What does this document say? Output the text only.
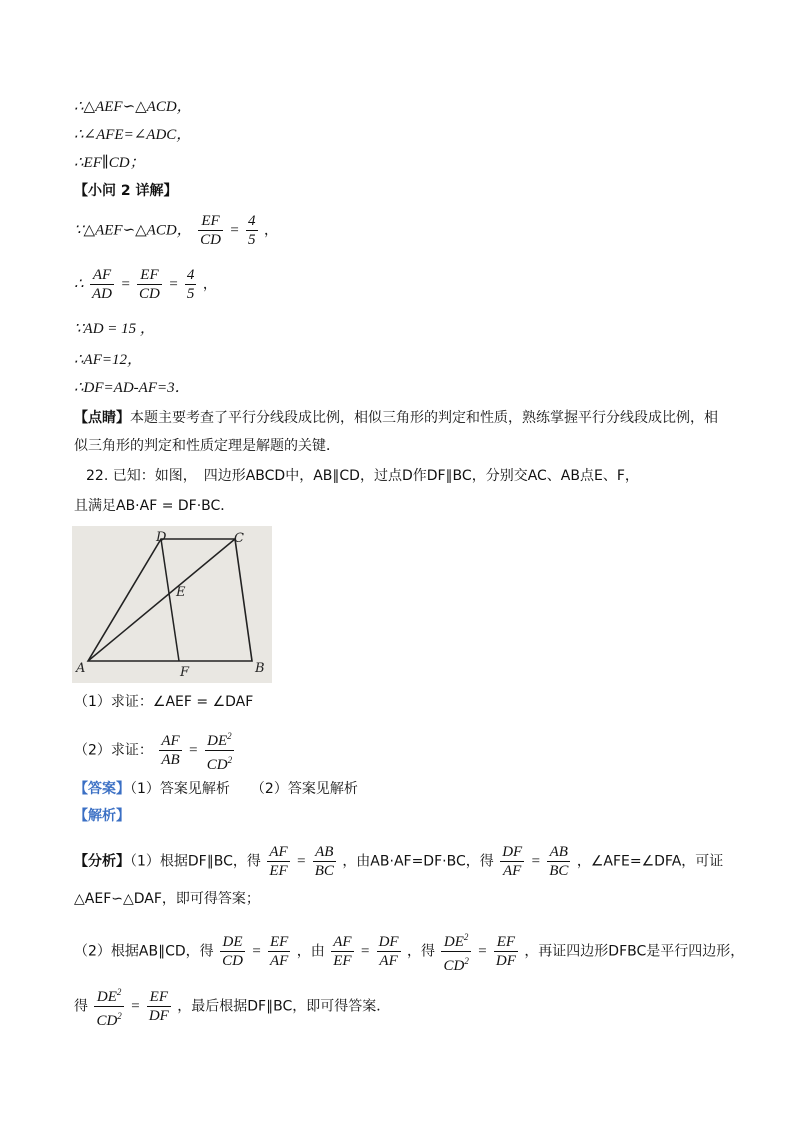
∴△AEF∽△ACD，
∴∠AFE=∠ADC，
∴EF∥CD；
【小问 2 详解】
∵△AEF∽△ACD， $\frac{EF}{CD} = \frac{4}{5}$ ，
∴ $\frac{AF}{AD} = \frac{EF}{CD} = \frac{4}{5}$ ，
∵AD = 15 ，
∴AF=12，
∴DF=AD-AF=3．
【点睛】本题主要考查了平行分线段成比例，相似三角形的判定和性质，熟练掌握平行分线段成比例，相
似三角形的判定和性质定理是解题的关键．
22. 已知：如图，　四边形ABCD中，AB∥CD，过点D作DF∥BC，分别交AC、AB点E、F，
且满足AB·AF = DF·BC．
A	B
C
D
E
F
（1）求证：∠AEF = ∠DAF
（2）求证： $\frac{AF}{AB} = \frac{DE^2}{CD^2}$
【答案】（1）答案见解析　　（2）答案见解析
【解析】
【分析】（1）根据DF∥BC，得 $\frac{AF}{EF} = \frac{AB}{BC}$ ，由AB·AF=DF·BC，得 $\frac{DF}{AF} = \frac{AB}{BC}$ ，∠AFE=∠DFA，可证
△AEF∽△DAF，即可得答案；
（2）根据AB∥CD，得 $\frac{DE}{CD} = \frac{EF}{AF}$ ，由 $\frac{AF}{EF} = \frac{DF}{AF}$ ，得 $\frac{DE^2}{CD^2} = \frac{EF}{DF}$ ，再证四边形DFBC是平行四边形，
得 $\frac{DE^2}{CD^2} = \frac{EF}{DF}$ ，最后根据DF∥BC，即可得答案．
